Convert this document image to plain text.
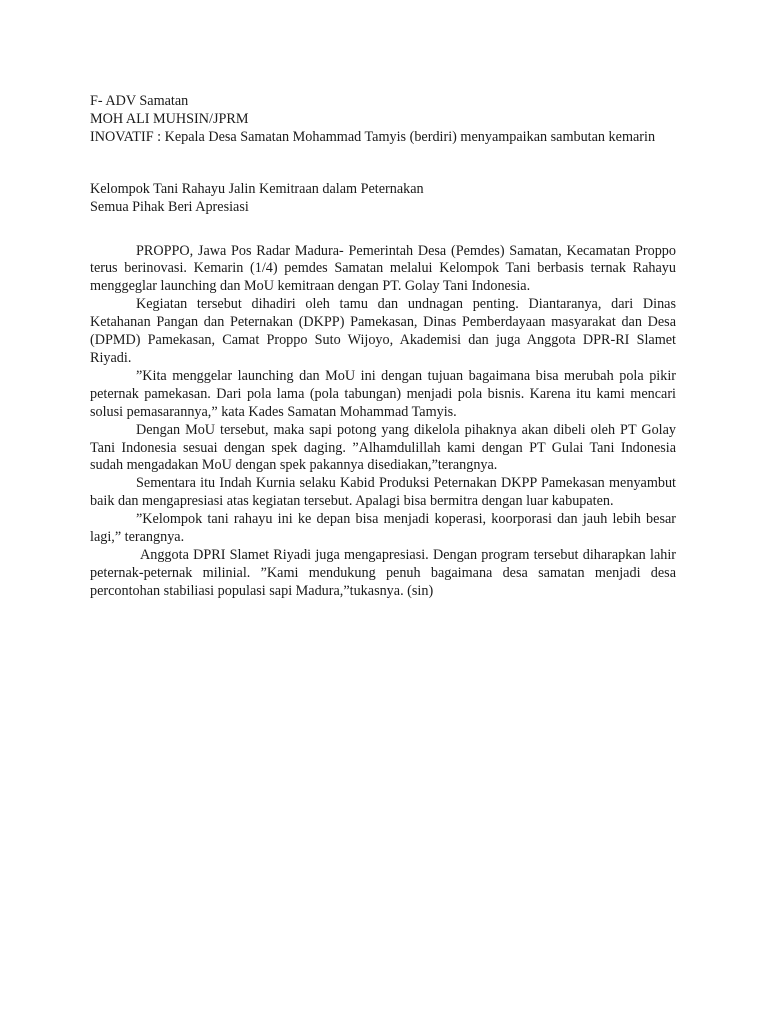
F- ADV Samatan
MOH ALI MUHSIN/JPRM
INOVATIF : Kepala Desa Samatan Mohammad Tamyis (berdiri) menyampaikan sambutan kemarin
Kelompok Tani Rahayu Jalin Kemitraan dalam Peternakan
Semua Pihak Beri Apresiasi

PROPPO, Jawa Pos Radar Madura- Pemerintah Desa (Pemdes) Samatan, Kecamatan Proppo terus berinovasi. Kemarin (1/4) pemdes Samatan melalui Kelompok Tani berbasis ternak Rahayu menggeglar launching dan MoU kemitraan dengan PT. Golay Tani Indonesia.

Kegiatan tersebut dihadiri oleh tamu dan undnagan penting. Diantaranya, dari Dinas Ketahanan Pangan dan Peternakan (DKPP) Pamekasan, Dinas Pemberdayaan masyarakat dan Desa (DPMD) Pamekasan, Camat Proppo Suto Wijoyo, Akademisi dan juga Anggota DPR-RI Slamet Riyadi.

”Kita menggelar launching dan MoU ini dengan tujuan bagaimana bisa merubah pola pikir peternak pamekasan. Dari pola lama (pola tabungan) menjadi pola bisnis. Karena itu kami mencari solusi pemasarannya,” kata Kades Samatan Mohammad Tamyis.

Dengan MoU tersebut, maka sapi potong yang dikelola pihaknya akan dibeli oleh PT Golay Tani Indonesia sesuai dengan spek daging. ”Alhamdulillah kami dengan PT Gulai Tani Indonesia sudah mengadakan MoU dengan spek pakannya disediakan,”terangnya.

Sementara itu Indah Kurnia selaku Kabid Produksi Peternakan DKPP Pamekasan menyambut baik dan mengapresiasi atas kegiatan tersebut. Apalagi bisa bermitra dengan luar kabupaten.

”Kelompok tani rahayu ini ke depan bisa menjadi koperasi, koorporasi dan jauh lebih besar lagi,” terangnya.

Anggota DPRI Slamet Riyadi juga mengapresiasi. Dengan program tersebut diharapkan lahir peternak-peternak milinial. ”Kami mendukung penuh bagaimana desa samatan menjadi desa percontohan stabiliasi populasi sapi Madura,”tukasnya. (sin)
